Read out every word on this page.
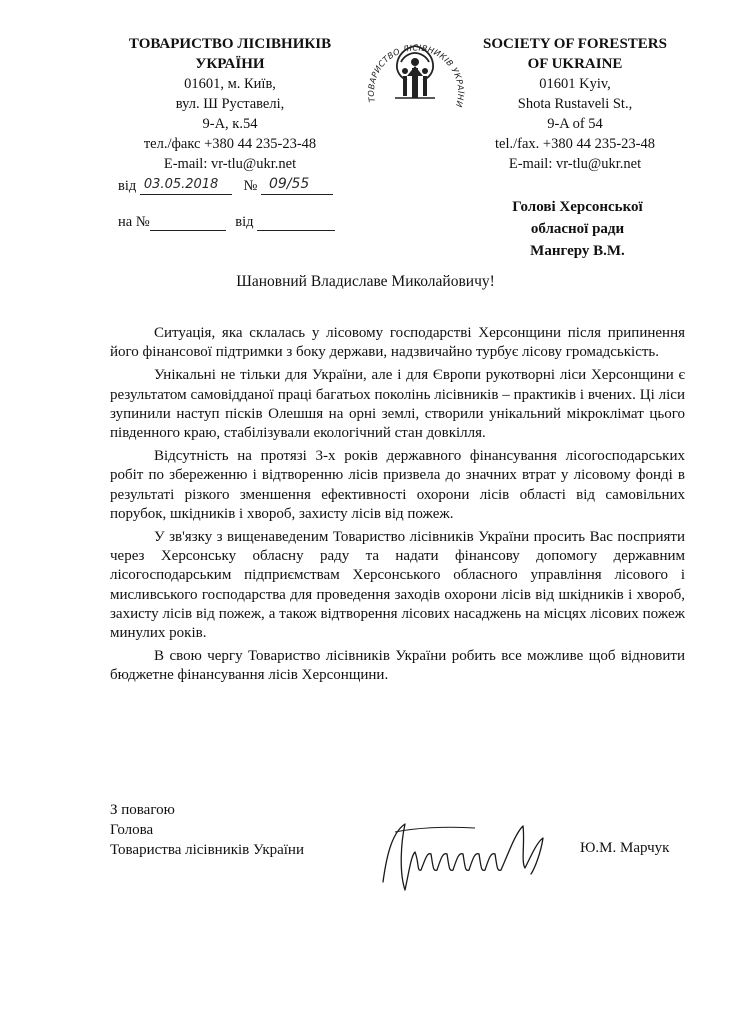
ТОВАРИСТВО ЛІСІВНИКІВ
УКРАЇНИ
01601, м. Київ,
вул. Ш Руставелі,
9-А, к.54
тел./факс +380 44 235-23-48
E-mail: vr-tlu@ukr.net
ТОВАРИСТВО ЛІСІВНИКІВ УКРА НИ
SOCIETY OF FORESTERS
OF UKRAINE
01601 Kyiv,
Shota Rustaveli St.,
9-A of 54
tel./fax. +380 44 235-23-48
E-mail: vr-tlu@ukr.net
від 03.05.2018 № 09/55
на №	від
Голові Херсонської
обласної ради
Мангеру В.М.
Шановний Владиславе Миколайовичу!

Ситуація, яка склалась у лісовому господарстві Херсонщини після припинення його фінансової підтримки з боку держави, надзвичайно турбує лісову громадськість.

Унікальні не тільки для України, але і для Європи рукотворні ліси Херсонщини є результатом самовідданої праці багатьох поколінь лісівників – практиків і вчених. Ці ліси зупинили наступ пісків Олешшя на орні землі, створили унікальний мікроклімат цього південного краю, стабілізували екологічний стан довкілля.

Відсутність на протязі 3-х років державного фінансування лісогосподарських робіт по збереженню і відтворенню лісів призвела до значних втрат у лісовому фонді в результаті різкого зменшення ефективності охорони лісів області від самовільних порубок, шкідників і хвороб, захисту лісів від пожеж.

У зв'язку з вищенаведеним Товариство лісівників України просить Вас посприяти через Херсонську обласну раду та надати фінансову допомогу державним лісогосподарським підприємствам Херсонського обласного управління лісового і мисливського господарства для проведення заходів охорони лісів від шкідників і хвороб, захисту лісів від пожеж, а також відтворення лісових насаджень на місцях лісових пожеж минулих років.

В свою чергу Товариство лісівників України робить все можливе щоб відновити бюджетне фінансування лісів Херсонщини.

З повагою
Голова
Товариства лісівників України	Ю.М. Марчук
